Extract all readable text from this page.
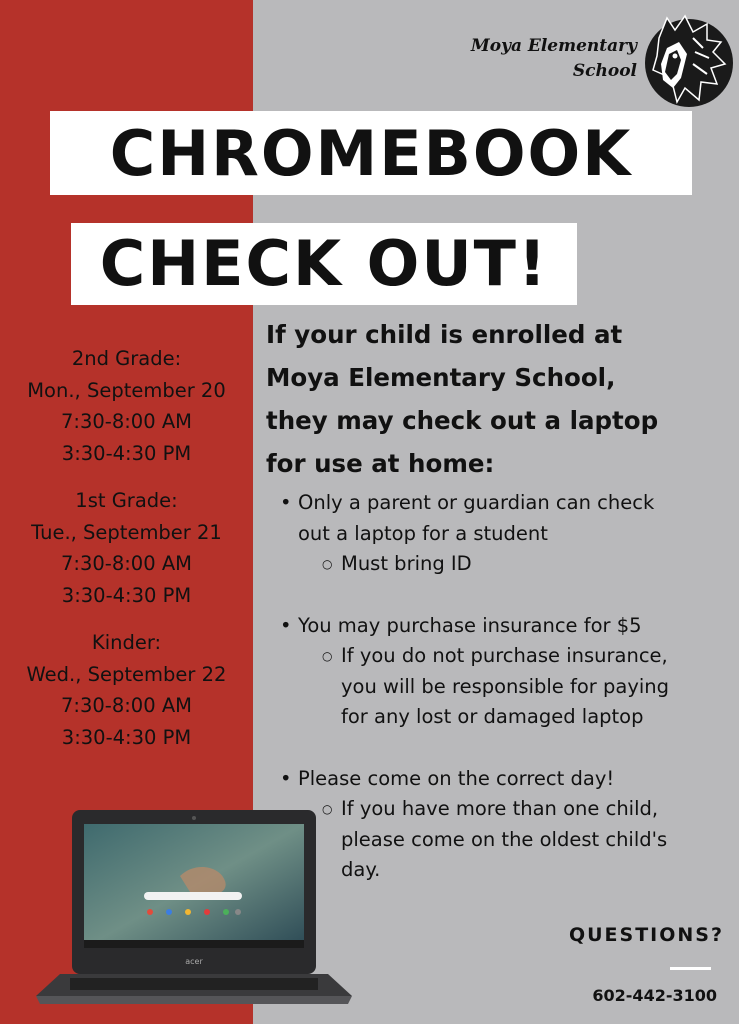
Moya Elementary
School
CHROMEBOOK
CHECK OUT!
2nd Grade:
Mon., September 20
7:30-8:00 AM
3:30-4:30 PM
1st Grade:
Tue., September 21
7:30-8:00 AM
3:30-4:30 PM
Kinder:
Wed., September 22
7:30-8:00 AM
3:30-4:30 PM
If your child is enrolled at
Moya Elementary School,
they may check out a laptop
for use at home:
• Only a parent or guardian can check
out a laptop for a student
○ Must bring ID
• You may purchase insurance for $5
○ If you do not purchase insurance,
you will be responsible for paying
for any lost or damaged laptop
• Please come on the correct day!
○ If you have more than one child,
please come on the oldest child's
day.
acer
QUESTIONS?
602-442-3100
